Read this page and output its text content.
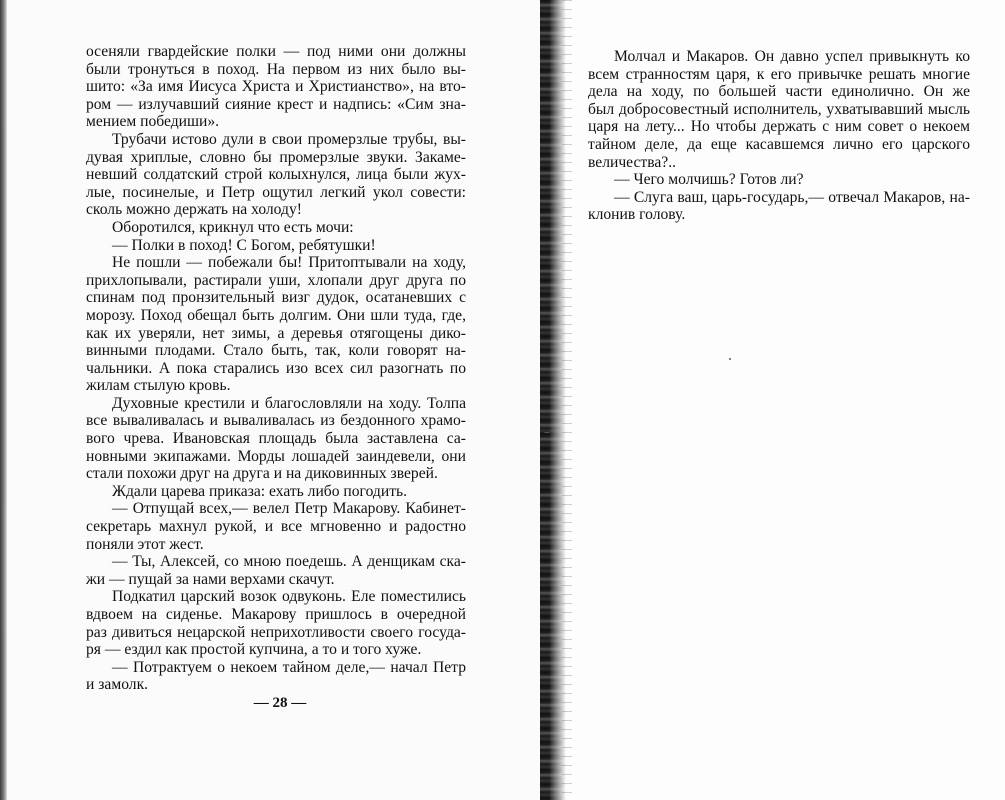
осеняли гвардейские полки — под ними они должны
были тронуться в поход. На первом из них было вы-
шито: «За имя Иисуса Христа и Христианство», на вто-
ром — излучавший сияние крест и надпись: «Сим зна-
мением победиши».
Трубачи истово дули в свои промерзлые трубы, вы-
дувая хриплые, словно бы промерзлые звуки. Закаме-
невший солдатский строй колыхнулся, лица были жух-
лые, посинелые, и Петр ощутил легкий укол совести:
сколь можно держать на холоду!
Оборотился, крикнул что есть мочи:
— Полки в поход! С Богом, ребятушки!
Не пошли — побежали бы! Притоптывали на ходу,
прихлопывали, растирали уши, хлопали друг друга по
спинам под пронзительный визг дудок, осатаневших с
морозу. Поход обещал быть долгим. Они шли туда, где,
как их уверяли, нет зимы, а деревья отягощены дико-
винными плодами. Стало быть, так, коли говорят на-
чальники. А пока старались изо всех сил разогнать по
жилам стылую кровь.
Духовные крестили и благословляли на ходу. Толпа
все вываливалась и вываливалась из бездонного храмо-
вого чрева. Ивановская площадь была заставлена са-
новными экипажами. Морды лошадей заиндевели, они
стали похожи друг на друга и на диковинных зверей.
Ждали царева приказа: ехать либо погодить.
— Отпущай всех,— велел Петр Макарову. Кабинет-
секретарь махнул рукой, и все мгновенно и радостно
поняли этот жест.
— Ты, Алексей, со мною поедешь. А денщикам ска-
жи — пущай за нами верхами скачут.
Подкатил царский возок одвуконь. Еле поместились
вдвоем на сиденье. Макарову пришлось в очередной
раз дивиться нецарской неприхотливости своего госуда-
ря — ездил как простой купчина, а то и того хуже.
— Потрактуем о некоем тайном деле,— начал Петр
и замолк.
— 28 —
Молчал и Макаров. Он давно успел привыкнуть ко
всем странностям царя, к его привычке решать многие
дела на ходу, по большей части единолично. Он же
был добросовестный исполнитель, ухватывавший мысль
царя на лету... Но чтобы держать с ним совет о некоем
тайном деле, да еще касавшемся лично его царского
величества?..
— Чего молчишь? Готов ли?
— Слуга ваш, царь-государь,— отвечал Макаров, на-
клонив голову.
